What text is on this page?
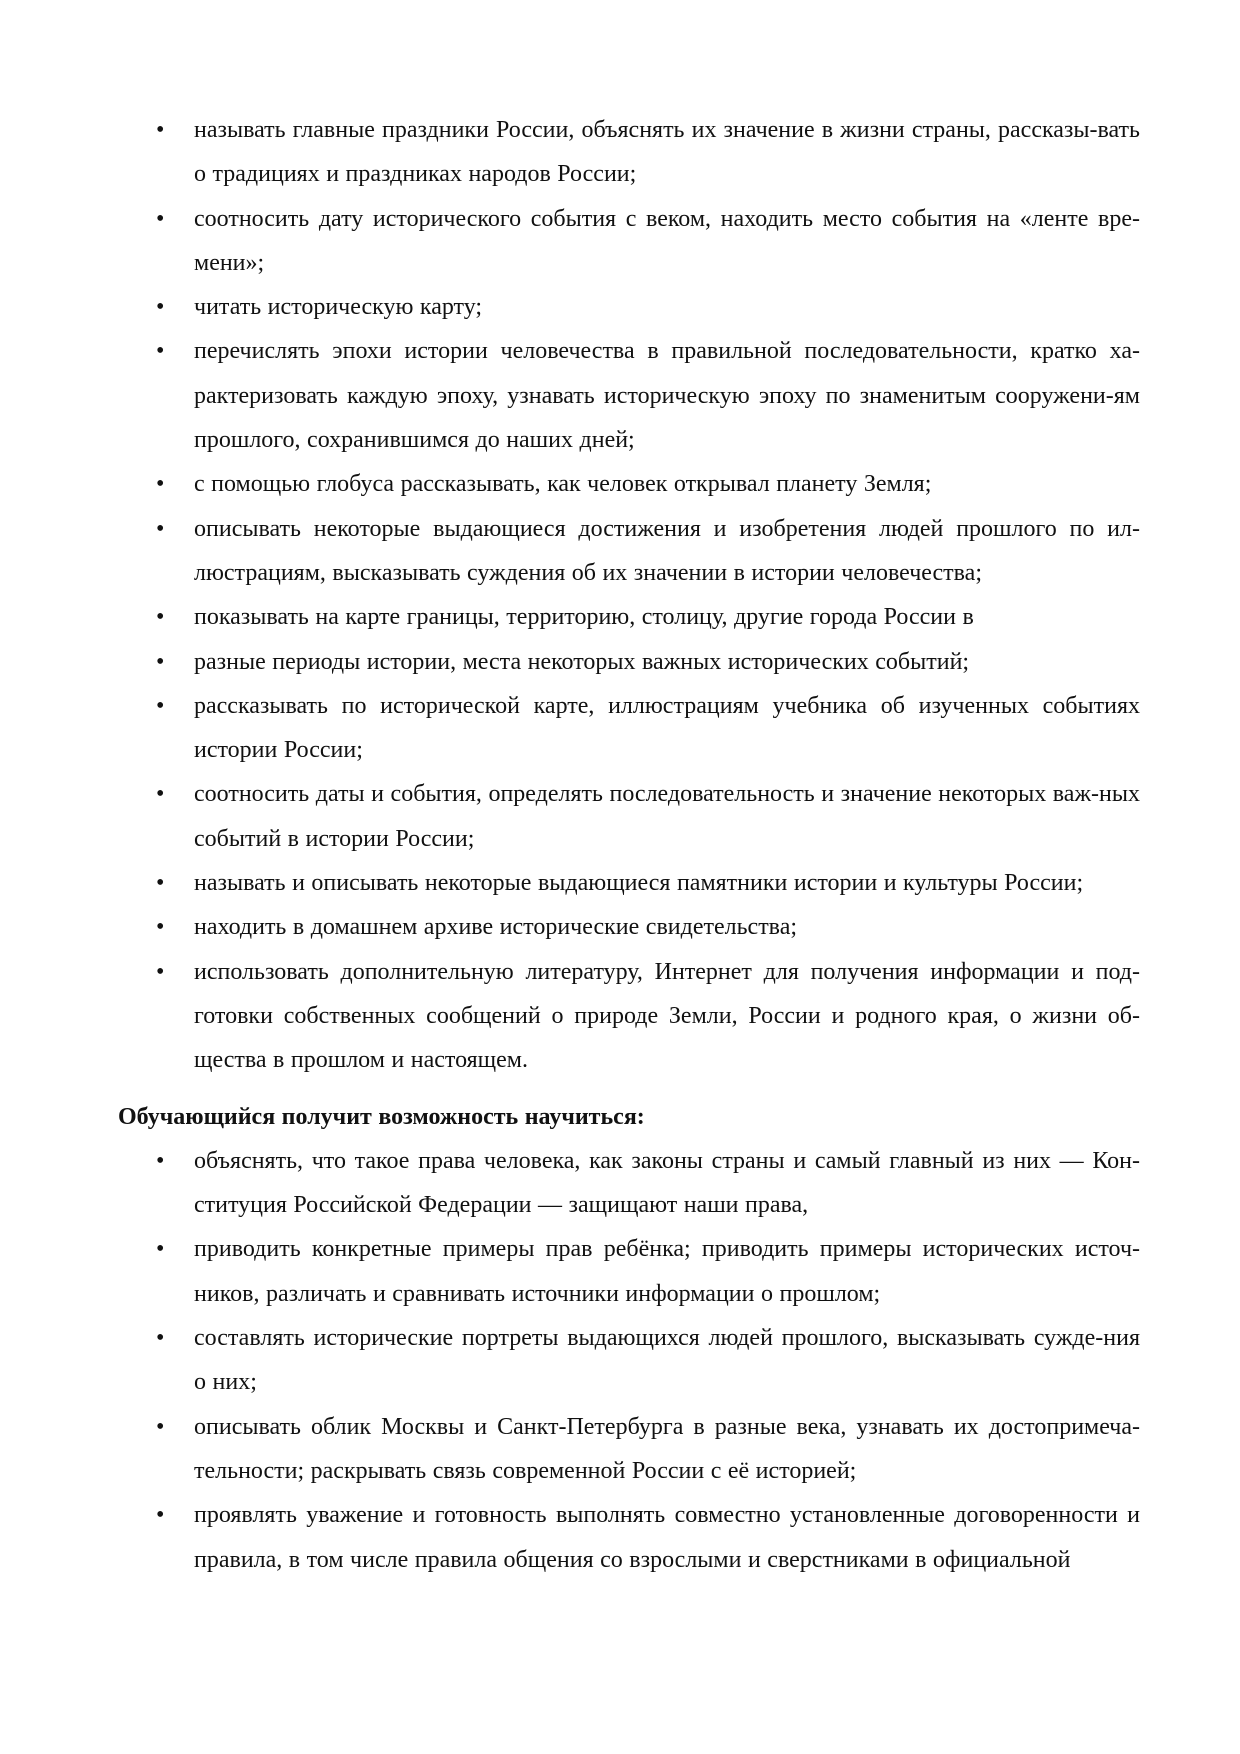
• называть главные праздники России, объяснять их значение в жизни страны, рассказы-вать о традициях и праздниках народов России;
• соотносить дату исторического события с веком, находить место события на «ленте вре-мени»;
• читать историческую карту;
• перечислять эпохи истории человечества в правильной последовательности, кратко ха-рактеризовать каждую эпоху, узнавать историческую эпоху по знаменитым сооружени-ям прошлого, сохранившимся до наших дней;
• с помощью глобуса рассказывать, как человек открывал планету Земля;
• описывать некоторые выдающиеся достижения и изобретения людей прошлого по ил-люстрациям, высказывать суждения об их значении в истории человечества;
• показывать на карте границы, территорию, столицу, другие города России в
• разные периоды истории, места некоторых важных исторических событий;
• рассказывать по исторической карте, иллюстрациям учебника об изученных событиях истории России;
• соотносить даты и события, определять последовательность и значение некоторых важ-ных событий в истории России;
• называть и описывать некоторые выдающиеся памятники истории и культуры России;
• находить в домашнем архиве исторические свидетельства;
• использовать дополнительную литературу, Интернет для получения информации и под-готовки собственных сообщений о природе Земли, России и родного края, о жизни об-щества в прошлом и настоящем.
Обучающийся получит возможность научиться:
• объяснять, что такое права человека, как законы страны и самый главный из них — Кон-ституция Российской Федерации — защищают наши права,
• приводить конкретные примеры прав ребёнка; приводить примеры исторических источ-ников, различать и сравнивать источники информации о прошлом;
• составлять исторические портреты выдающихся людей прошлого, высказывать сужде-ния о них;
• описывать облик Москвы и Санкт-Петербурга в разные века, узнавать их достопримеча-тельности; раскрывать связь современной России с её историей;
• проявлять уважение и готовность выполнять совместно установленные договоренности и правила, в том числе правила общения со взрослыми и сверстниками в официальной
